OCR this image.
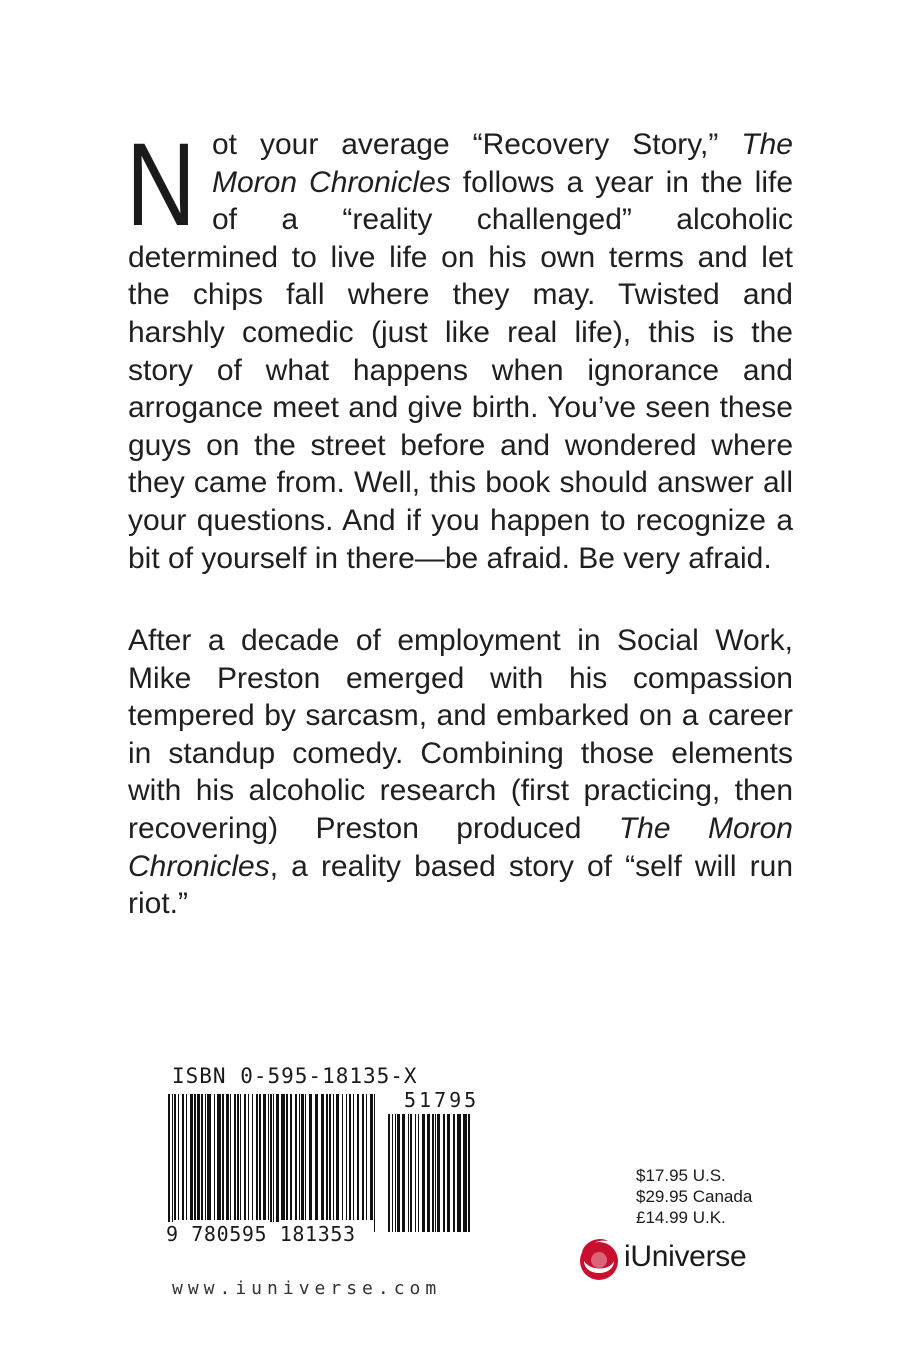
Not your average “Recovery Story,” The Moron Chronicles follows a year in the life of a “reality challenged” alcoholic determined to live life on his own terms and let the chips fall where they may. Twisted and harshly comedic (just like real life), this is the story of what happens when ignorance and arrogance meet and give birth. You’ve seen these guys on the street before and wondered where they came from. Well, this book should answer all your questions. And if you happen to recognize a bit of yourself in there—be afraid. Be very afraid.
After a decade of employment in Social Work, Mike Preston emerged with his compassion tempered by sarcasm, and embarked on a career in standup comedy. Combining those elements with his alcoholic research (first practicing, then recovering) Preston produced The Moron Chronicles, a reality based story of “self will run riot.”
ISBN 0-595-18135-X
9 780595 181353
51795
www.iuniverse.com
$17.95 U.S.
$29.95 Canada
£14.99 U.K.
iUniverse
